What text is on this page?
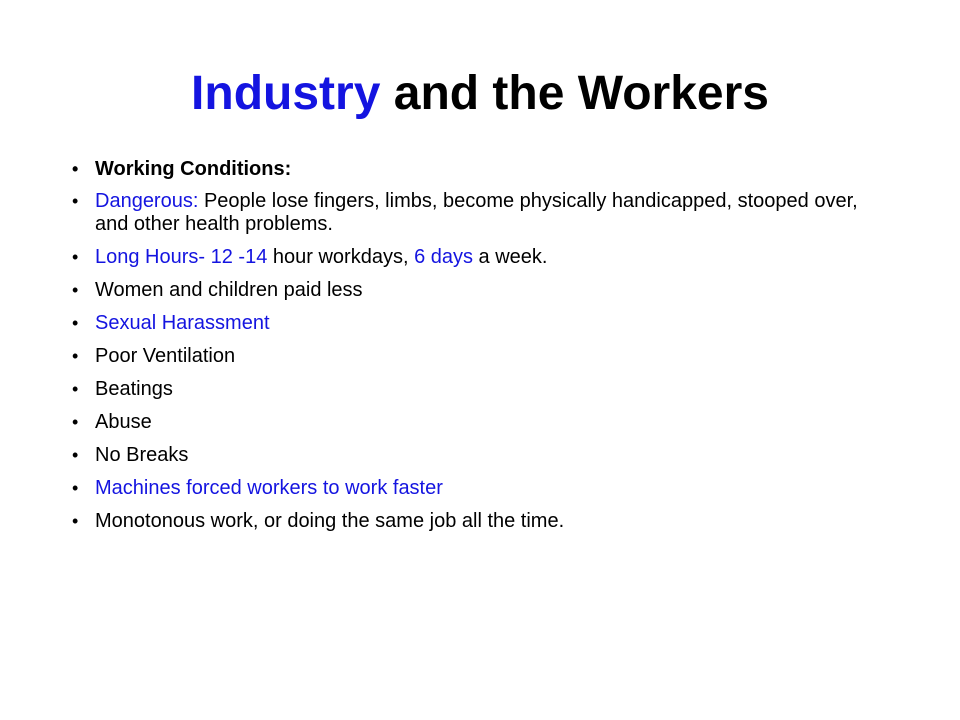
Industry and the Workers
• Working Conditions:
• Dangerous: People lose fingers, limbs, become physically handicapped, stooped over, and other health problems.
• Long Hours- 12 -14 hour workdays, 6 days a week.
• Women and children paid less
• Sexual Harassment
• Poor Ventilation
• Beatings
• Abuse
• No Breaks
• Machines forced workers to work faster
• Monotonous work, or doing the same job all the time.
